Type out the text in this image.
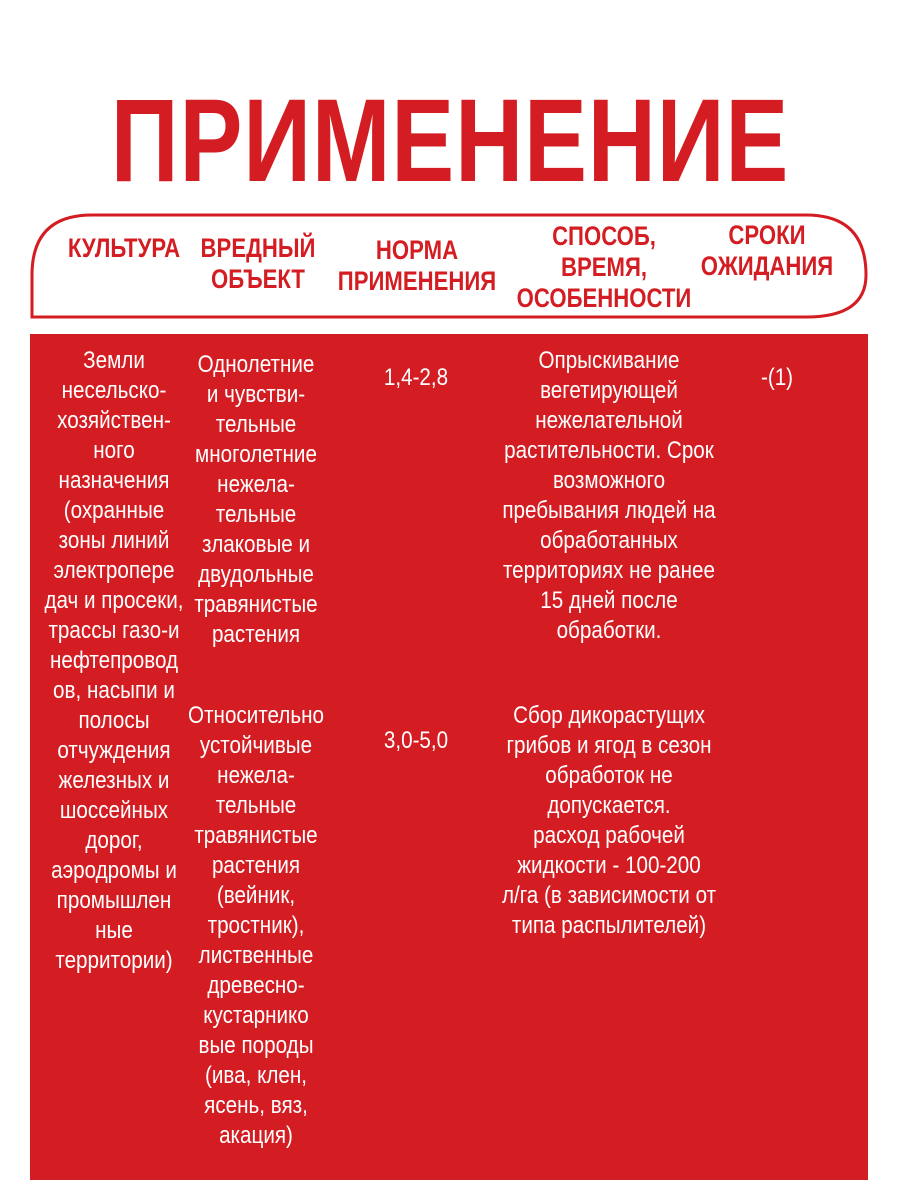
ПРИМЕНЕНИЕ
КУЛЬТУРА ВРЕДНЫЙ
ОБЪЕКТ
НОРМА
ПРИМЕНЕНИЯ
СПОСОБ,
ВРЕМЯ,
ОСОБЕННОСТИ
СРОКИ
ОЖИДАНИЯ
Земли
несельско-
хозяйствен-
ного
назначения
(охранные
зоны линий
электропере
дач и просеки,
трассы газо-и
нефтепровод
ов, насыпи и
полосы
отчуждения
железных и
шоссейных
дорог,
аэродромы и
промышлен
ные
территории)
Однолетние
и чувстви-
тельные
многолетние
нежела-
тельные
злаковые и
двудольные
травянистые
растения
1,4-2,8
Опрыскивание
вегетирующей
нежелательной
растительности. Срок
возможного
пребывания людей на
обработанных
территориях не ранее
15 дней после
обработки.
-(1)
Относительно
устойчивые
нежела-
тельные
травянистые
растения
(вейник,
тростник),
лиственные
древесно-
кустарнико
вые породы
(ива, клен,
ясень, вяз,
акация)
3,0-5,0
Сбор дикорастущих
грибов и ягод в сезон
обработок не
допускается.
расход рабочей
жидкости - 100-200
л/га (в зависимости от
типа распылителей)
